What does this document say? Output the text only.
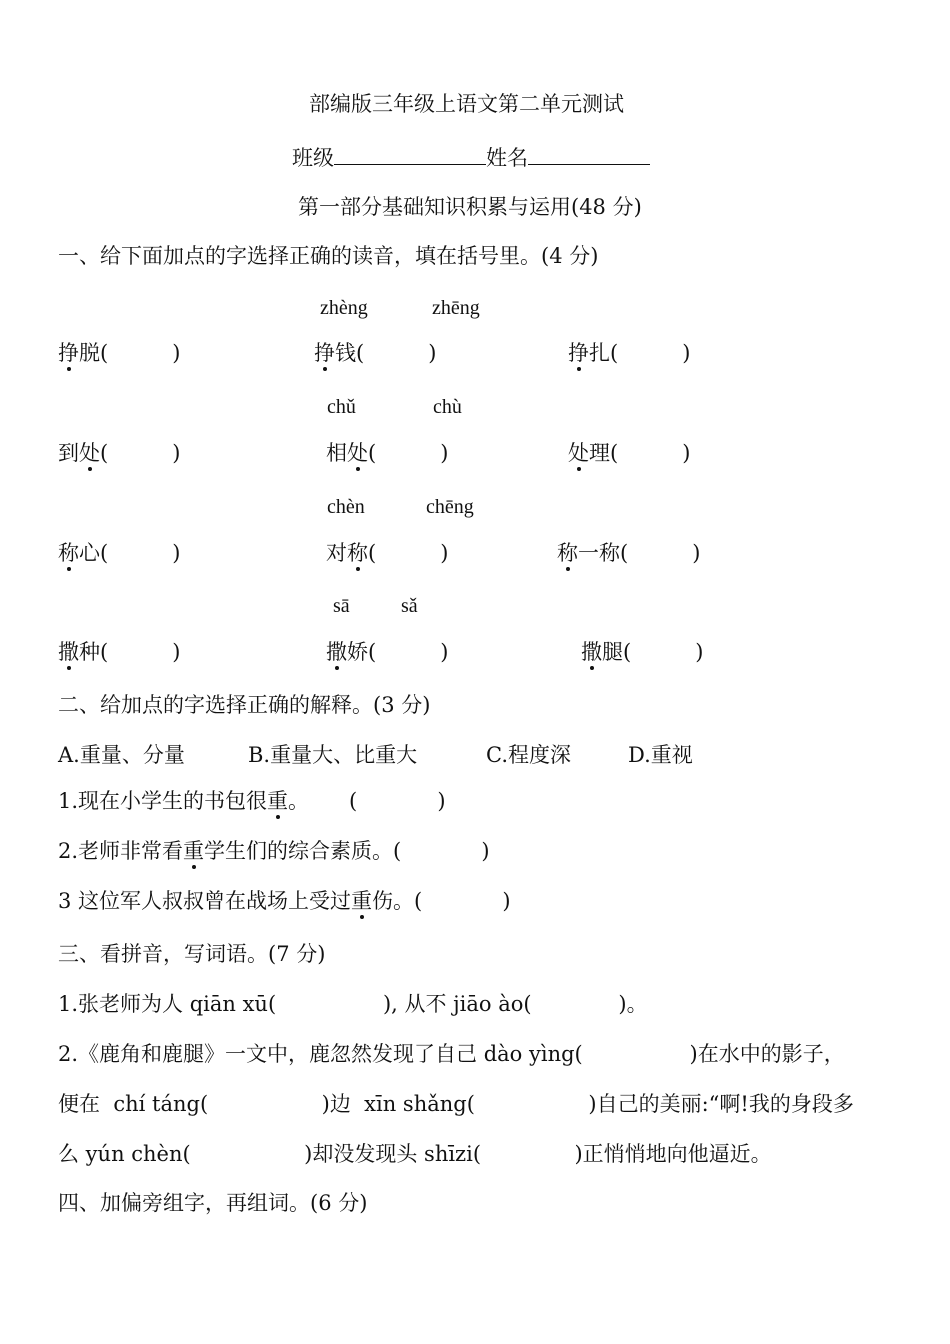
部编版三年级上语文第二单元测试
班级	姓名
第一部分基础知识积累与运用(48 分)
一、给下面加点的字选择正确的读音，填在括号里。(4 分)
zhèng	zhēng
挣脱(	)	挣钱(	)	挣扎(	)
chǔ	chù
到处(	)	相处(	)	处理(	)
chèn	chēng
称心(	)	对称(	)	称一称(	)
sā	sǎ
撒种(	)	撒娇(	)	撒腿(	)
二、给加点的字选择正确的解释。(3 分)
A.重量、分量	B.重量大、比重大	C.程度深	D.重视
1.现在小学生的书包很重。 (            )
2.老师非常看重学生们的综合素质。(            )
3 这位军人叔叔曾在战场上受过重伤。(            )
三、看拼音，写词语。(7 分)
1.张老师为人 qiān xū(                ), 从不 jiāo ào(             )。
2.《鹿角和鹿腿》一文中，鹿忽然发现了自己 dào yìng(                )在水中的影子，
便在  chí táng(                 )边  xīn shǎng(                 )自己的美丽:“啊!我的身段多
么 yún chèn(                 )却没发现头 shīzi(              )正悄悄地向他逼近。
四、加偏旁组字，再组词。(6 分)
